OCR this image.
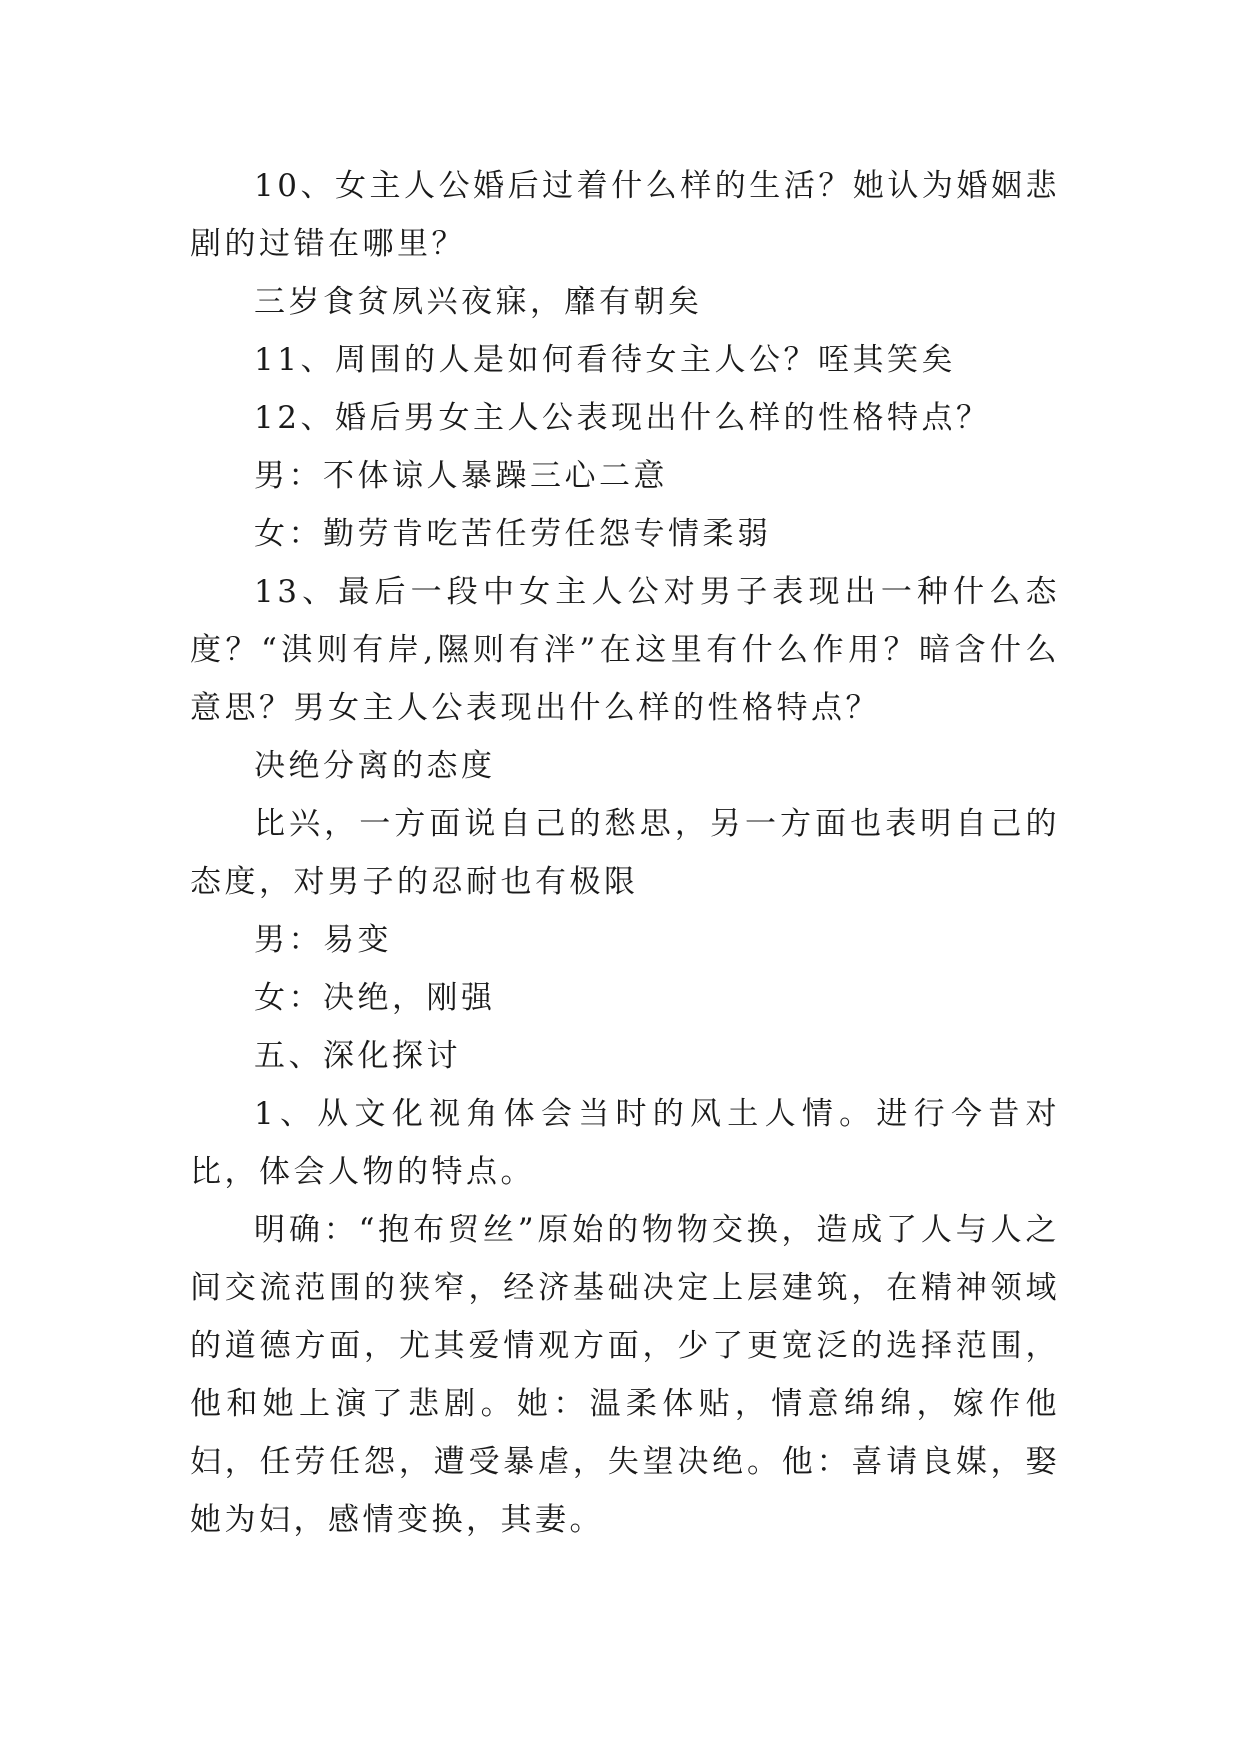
10、女主人公婚后过着什么样的生活？她认为婚姻悲剧的过错在哪里？

三岁食贫夙兴夜寐，靡有朝矣

11、周围的人是如何看待女主人公？咥其笑矣

12、婚后男女主人公表现出什么样的性格特点？

男：不体谅人暴躁三心二意

女：勤劳肯吃苦任劳任怨专情柔弱

13、最后一段中女主人公对男子表现出一种什么态度？“淇则有岸,隰则有泮”在这里有什么作用？暗含什么意思？男女主人公表现出什么样的性格特点？

决绝分离的态度

比兴，一方面说自己的愁思，另一方面也表明自己的态度，对男子的忍耐也有极限

男：易变

女：决绝，刚强

五、深化探讨

1、从文化视角体会当时的风土人情。进行今昔对比，体会人物的特点。

明确：“抱布贸丝”原始的物物交换，造成了人与人之间交流范围的狭窄，经济基础决定上层建筑，在精神领域的道德方面，尤其爱情观方面，少了更宽泛的选择范围，他和她上演了悲剧。她：温柔体贴，情意绵绵，嫁作他妇，任劳任怨，遭受暴虐，失望决绝。他：喜请良媒，娶她为妇，感情变换，其妻。
